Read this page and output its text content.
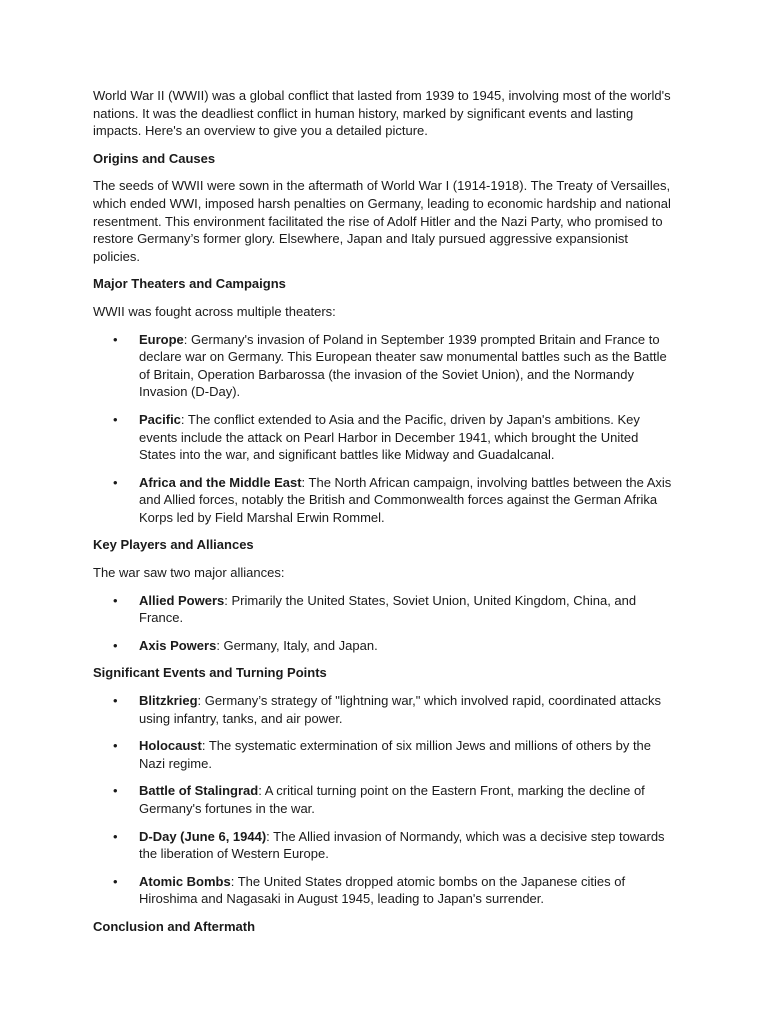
World War II (WWII) was a global conflict that lasted from 1939 to 1945, involving most of the world's nations. It was the deadliest conflict in human history, marked by significant events and lasting impacts. Here's an overview to give you a detailed picture.

Origins and Causes

The seeds of WWII were sown in the aftermath of World War I (1914-1918). The Treaty of Versailles, which ended WWI, imposed harsh penalties on Germany, leading to economic hardship and national resentment. This environment facilitated the rise of Adolf Hitler and the Nazi Party, who promised to restore Germany’s former glory. Elsewhere, Japan and Italy pursued aggressive expansionist policies.

Major Theaters and Campaigns

WWII was fought across multiple theaters:

• Europe: Germany's invasion of Poland in September 1939 prompted Britain and France to declare war on Germany. This European theater saw monumental battles such as the Battle of Britain, Operation Barbarossa (the invasion of the Soviet Union), and the Normandy Invasion (D-Day).
• Pacific: The conflict extended to Asia and the Pacific, driven by Japan's ambitions. Key events include the attack on Pearl Harbor in December 1941, which brought the United States into the war, and significant battles like Midway and Guadalcanal.
• Africa and the Middle East: The North African campaign, involving battles between the Axis and Allied forces, notably the British and Commonwealth forces against the German Afrika Korps led by Field Marshal Erwin Rommel.
Key Players and Alliances

The war saw two major alliances:

• Allied Powers: Primarily the United States, Soviet Union, United Kingdom, China, and France.
• Axis Powers: Germany, Italy, and Japan.
Significant Events and Turning Points
• Blitzkrieg: Germany’s strategy of "lightning war," which involved rapid, coordinated attacks using infantry, tanks, and air power.
• Holocaust: The systematic extermination of six million Jews and millions of others by the Nazi regime.
• Battle of Stalingrad: A critical turning point on the Eastern Front, marking the decline of Germany's fortunes in the war.
• D-Day (June 6, 1944): The Allied invasion of Normandy, which was a decisive step towards the liberation of Western Europe.
• Atomic Bombs: The United States dropped atomic bombs on the Japanese cities of Hiroshima and Nagasaki in August 1945, leading to Japan's surrender.
Conclusion and Aftermath
